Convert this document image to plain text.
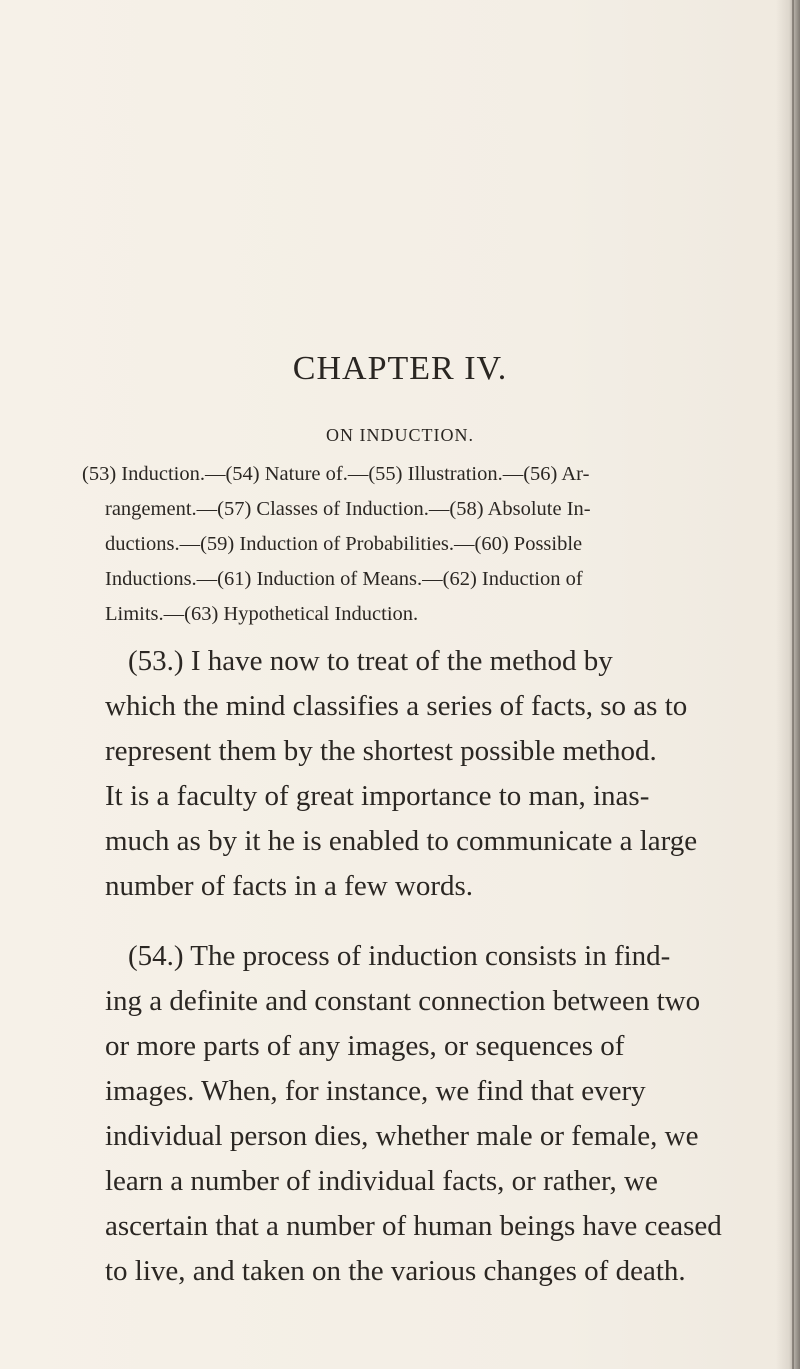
CHAPTER IV.
ON INDUCTION.
(53) Induction.—(54) Nature of.—(55) Illustration.—(56) Ar-
rangement.—(57) Classes of Induction.—(58) Absolute In-
ductions.—(59) Induction of Probabilities.—(60) Possible
Inductions.—(61) Induction of Means.—(62) Induction of
Limits.—(63) Hypothetical Induction.
(53.) I have now to treat of the method by
which the mind classifies a series of facts, so as to
represent them by the shortest possible method.
It is a faculty of great importance to man, inas-
much as by it he is enabled to communicate a large
number of facts in a few words.
(54.) The process of induction consists in find-
ing a definite and constant connection between two
or more parts of any images, or sequences of
images. When, for instance, we find that every
individual person dies, whether male or female, we
learn a number of individual facts, or rather, we
ascertain that a number of human beings have ceased
to live, and taken on the various changes of death.
